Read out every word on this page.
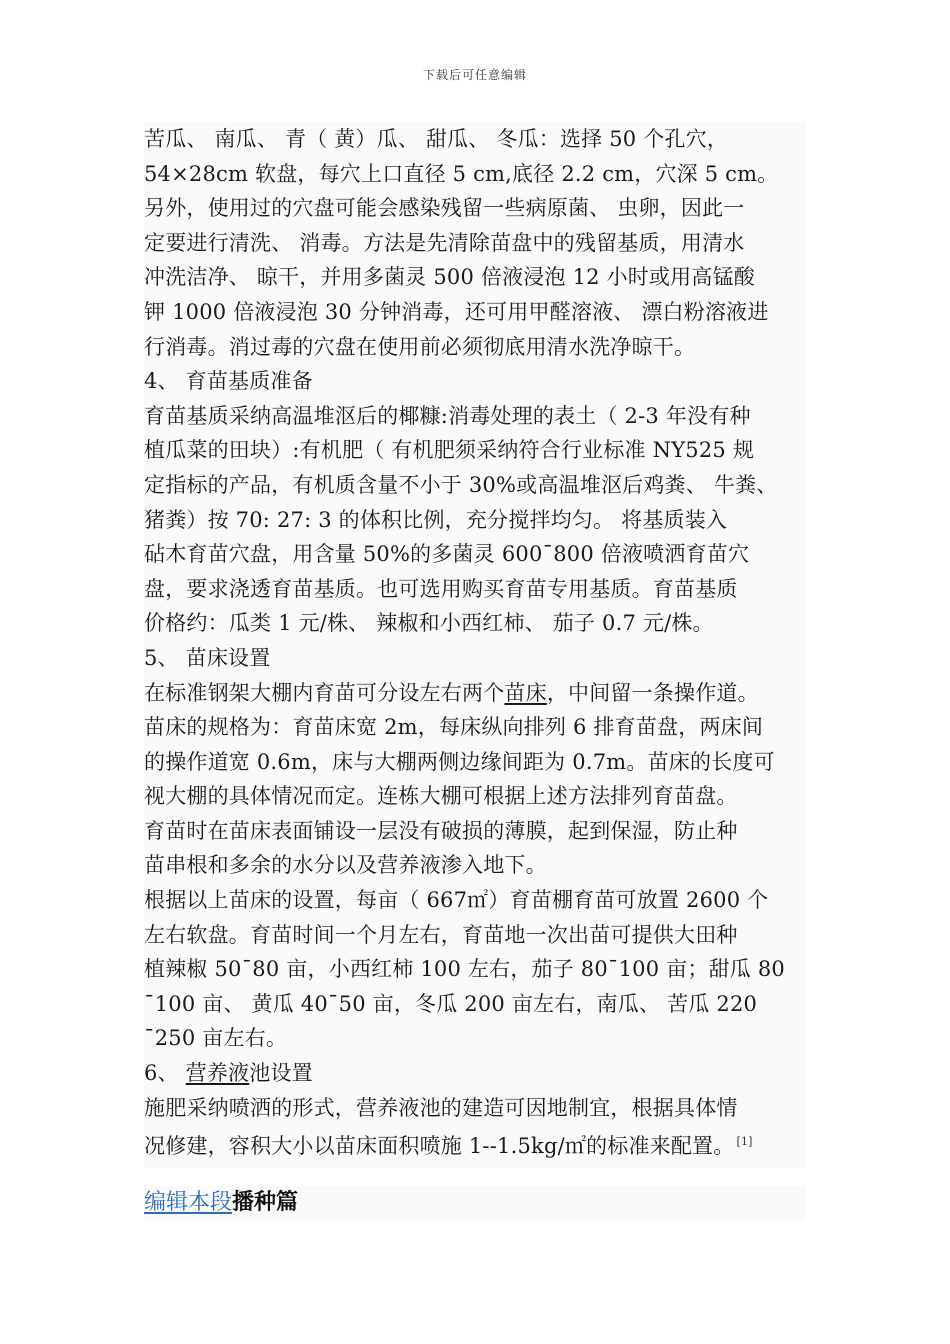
下载后可任意编辑
苦瓜、 南瓜、 青（ 黄）瓜、 甜瓜、 冬瓜：选择 50 个孔穴，
54×28cm 软盘，每穴上口直径 5 cm,底径 2.2 cm，穴深 5 cm。
另外，使用过的穴盘可能会感染残留一些病原菌、 虫卵，因此一
定要进行清洗、 消毒。方法是先清除苗盘中的残留基质，用清水
冲洗洁净、 晾干，并用多菌灵 500 倍液浸泡 12 小时或用高锰酸
钾 1000 倍液浸泡 30 分钟消毒，还可用甲醛溶液、 漂白粉溶液进
行消毒。消过毒的穴盘在使用前必须彻底用清水洗净晾干。
4、 育苗基质准备
育苗基质采纳高温堆沤后的椰糠:消毒处理的表土（ 2-3 年没有种
植瓜菜的田块）:有机肥（ 有机肥须采纳符合行业标准 NY525 规
定指标的产品，有机质含量不小于 30%或高温堆沤后鸡粪、 牛粪、
猪粪）按 70: 27: 3 的体积比例，充分搅拌均匀。 将基质装入
砧木育苗穴盘，用含量 50%的多菌灵 600¯800 倍液喷洒育苗穴
盘，要求浇透育苗基质。也可选用购买育苗专用基质。育苗基质
价格约：瓜类 1 元/株、 辣椒和小西红柿、 茄子 0.7 元/株。
5、 苗床设置
在标准钢架大棚内育苗可分设左右两个苗床，中间留一条操作道。
苗床的规格为：育苗床宽 2m，每床纵向排列 6 排育苗盘，两床间
的操作道宽 0.6m，床与大棚两侧边缘间距为 0.7m。苗床的长度可
视大棚的具体情况而定。连栋大棚可根据上述方法排列育苗盘。
育苗时在苗床表面铺设一层没有破损的薄膜，起到保湿，防止种
苗串根和多余的水分以及营养液渗入地下。
根据以上苗床的设置，每亩（ 667㎡）育苗棚育苗可放置 2600 个
左右软盘。育苗时间一个月左右，育苗地一次出苗可提供大田种
植辣椒 50¯80 亩，小西红柿 100 左右，茄子 80¯100 亩；甜瓜 80
¯100 亩、 黄瓜 40¯50 亩，冬瓜 200 亩左右，南瓜、 苦瓜 220
¯250 亩左右。
6、 营养液池设置
施肥采纳喷洒的形式，营养液池的建造可因地制宜，根据具体情
况修建，容积大小以苗床面积喷施 1--1.5kg/㎡的标准来配置。 [1]
编辑本段播种篇
